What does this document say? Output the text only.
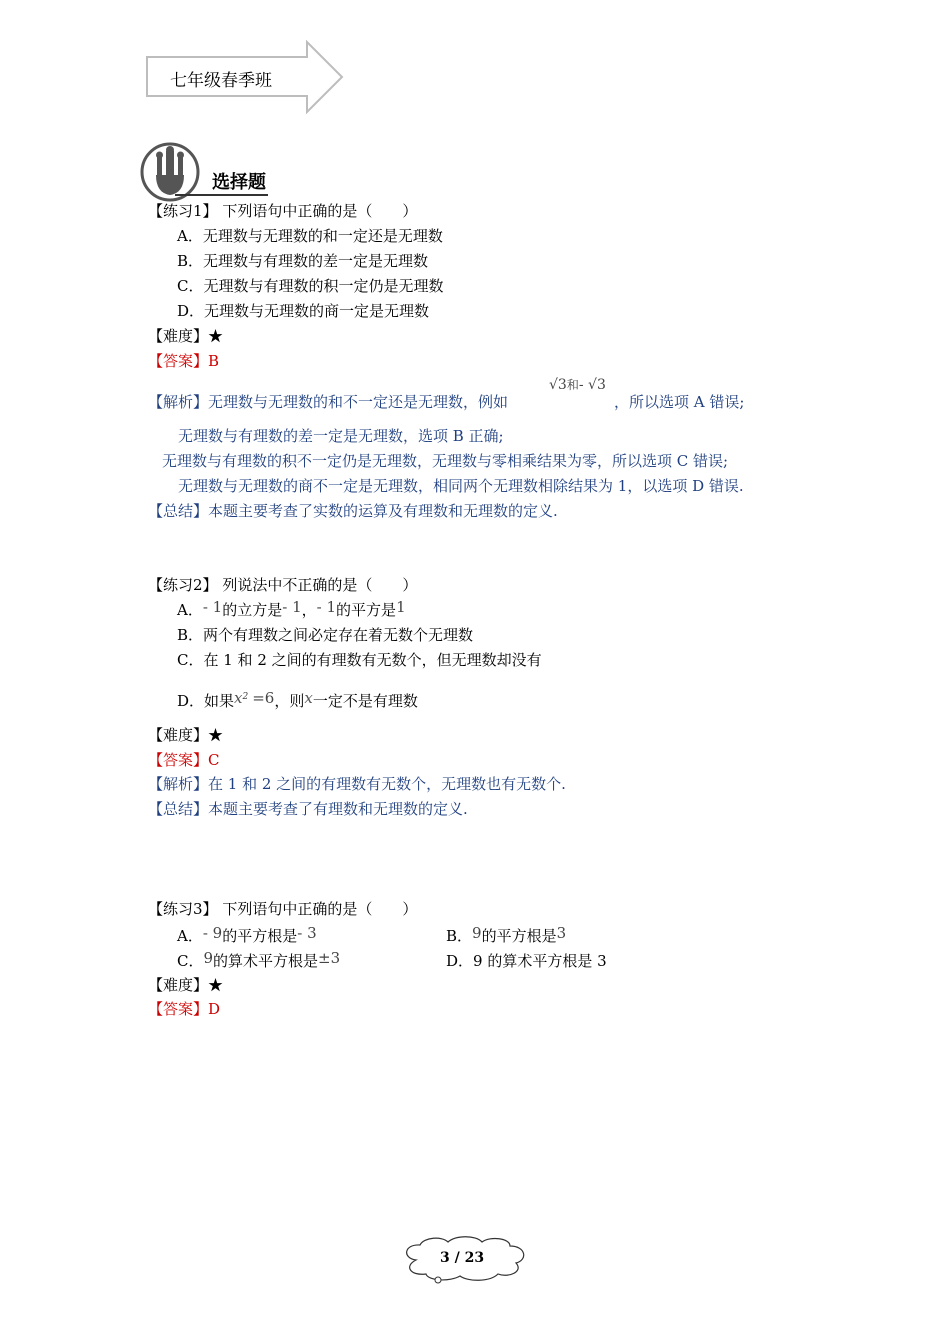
七年级春季班
选择题
【练习1】 下列语句中正确的是（　　）
A．无理数与无理数的和一定还是无理数
B．无理数与有理数的差一定是无理数
C．无理数与有理数的积一定仍是无理数
D．无理数与无理数的商一定是无理数
【难度】★
【答案】B
【解析】无理数与无理数的和不一定还是无理数，例如
√3和- √3
，所以选项 A 错误;
无理数与有理数的差一定是无理数，选项 B 正确;
无理数与有理数的积不一定仍是无理数，无理数与零相乘结果为零，所以选项 C 错误;
无理数与无理数的商不一定是无理数，相同两个无理数相除结果为 1，以选项 D 错误.
【总结】本题主要考查了实数的运算及有理数和无理数的定义.
【练习2】 列说法中不正确的是（　　）
A．- 1的立方是- 1，- 1的平方是1
B．两个有理数之间必定存在着无数个无理数
C．在 1 和 2 之间的有理数有无数个，但无理数却没有
D．如果$x^2 =6$，则x一定不是有理数
【难度】★
【答案】C
【解析】在 1 和 2 之间的有理数有无数个，无理数也有无数个.
【总结】本题主要考查了有理数和无理数的定义.
【练习3】 下列语句中正确的是（　　）
A．- 9的平方根是- 3	B．9的平方根是3
C．9的算术平方根是±3	D．9 的算术平方根是 3
【难度】★
【答案】D
3 / 23
